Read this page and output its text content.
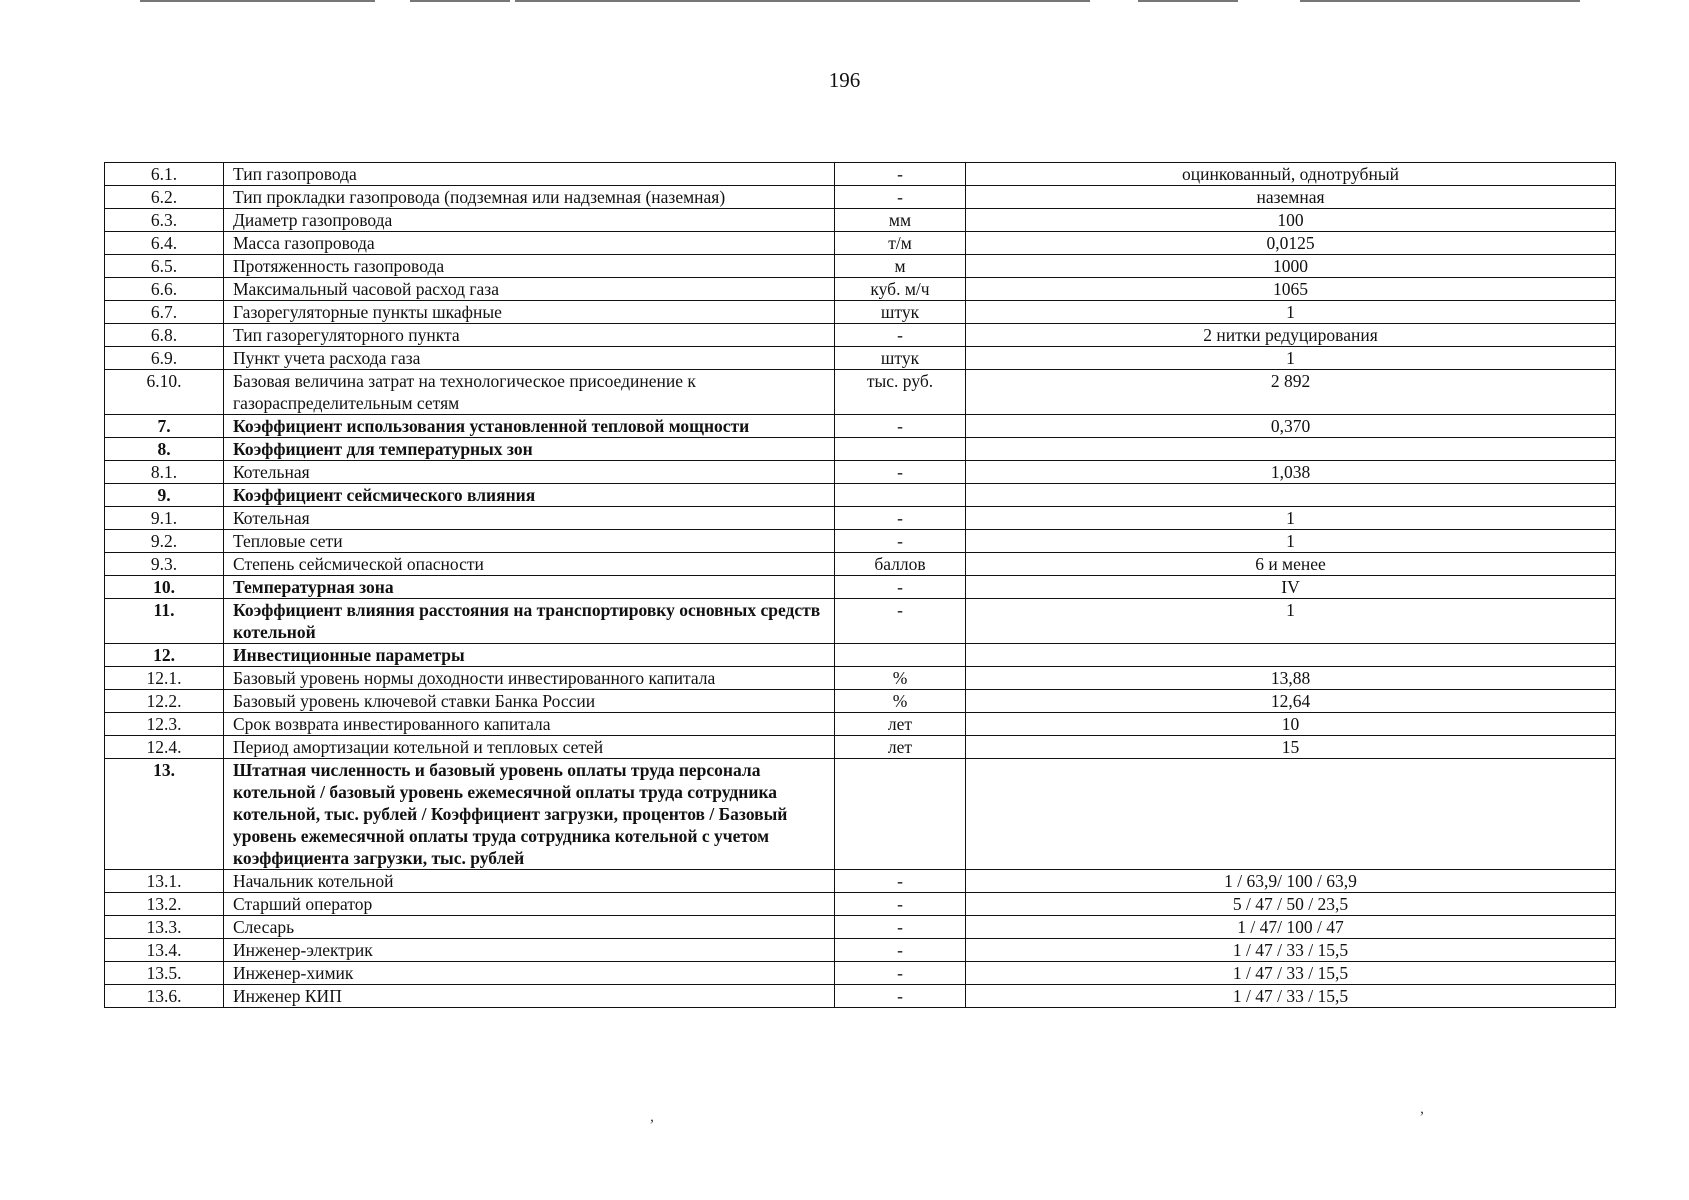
196
6.1.	Тип газопровода	-	оцинкованный, однотрубный
6.2.	Тип прокладки газопровода (подземная или надземная (наземная)	-	наземная
6.3.	Диаметр газопровода	мм	100
6.4.	Масса газопровода	т/м	0,0125
6.5.	Протяженность газопровода	м	1000
6.6.	Максимальный часовой расход газа	куб. м/ч	1065
6.7.	Газорегуляторные пункты шкафные	штук	1
6.8.	Тип газорегуляторного пункта	-	2 нитки редуцирования
6.9.	Пункт учета расхода газа	штук	1
6.10.	Базовая величина затрат на технологическое присоединение к газораспределительным сетям	тыс. руб.	2 892
7.	Коэффициент использования установленной тепловой мощности	-	0,370
8.	Коэффициент для температурных зон		
8.1.	Котельная	-	1,038
9.	Коэффициент сейсмического влияния		
9.1.	Котельная	-	1
9.2.	Тепловые сети	-	1
9.3.	Степень сейсмической опасности	баллов	6 и менее
10.	Температурная зона	-	IV
11.	Коэффициент влияния расстояния на транспортировку основных средств котельной	-	1
12.	Инвестиционные параметры		
12.1.	Базовый уровень нормы доходности инвестированного капитала	%	13,88
12.2.	Базовый уровень ключевой ставки Банка России	%	12,64
12.3.	Срок возврата инвестированного капитала	лет	10
12.4.	Период амортизации котельной и тепловых сетей	лет	15
13.	Штатная численность и базовый уровень оплаты труда персонала котельной / базовый уровень ежемесячной оплаты труда сотрудника котельной, тыс. рублей / Коэффициент загрузки, процентов / Базовый уровень ежемесячной оплаты труда сотрудника котельной с учетом коэффициента загрузки, тыс. рублей		
13.1.	Начальник котельной	-	1 / 63,9/ 100 / 63,9
13.2.	Старший оператор	-	5 / 47 / 50 / 23,5
13.3.	Слесарь	-	1 / 47/ 100 / 47
13.4.	Инженер-электрик	-	1 / 47 / 33 / 15,5
13.5.	Инженер-химик	-	1 / 47 / 33 / 15,5
13.6.	Инженер КИП	-	1 / 47 / 33 / 15,5
,	,
